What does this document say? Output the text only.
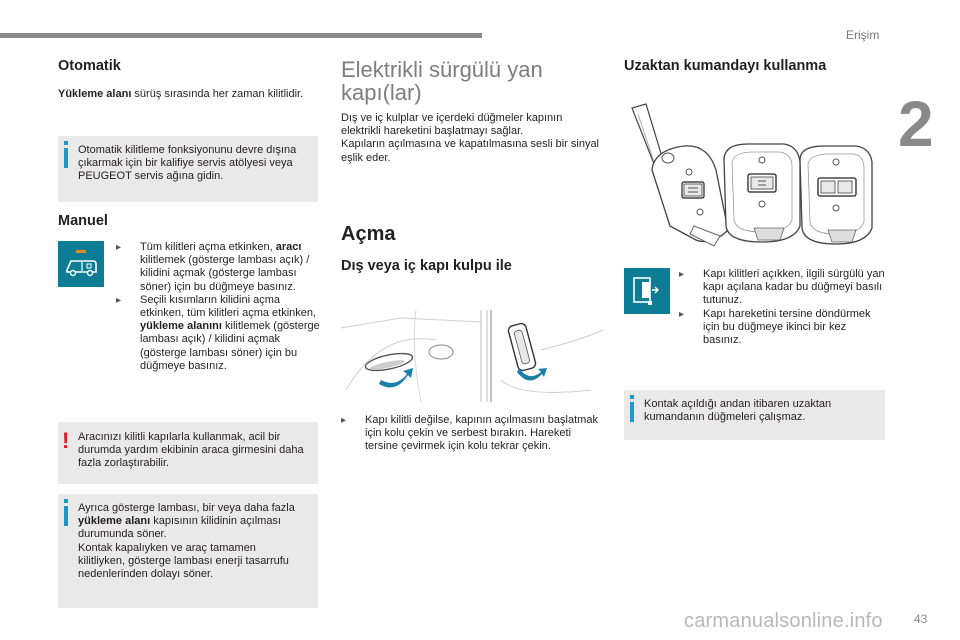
Erişim
2
Otomatik
Yükleme alanı sürüş sırasında her zaman kilitlidir.
Otomatik kilitleme fonksiyonunu devre dışına çıkarmak için bir kalifiye servis atölyesi veya PEUGEOT servis ağına gidin.
Manuel
▸ Tüm kilitleri açma etkinken, aracı kilitlemek (gösterge lambası açık) / kilidini açmak (gösterge lambası söner) için bu düğmeye basınız.
▸ Seçili kısımların kilidini açma etkinken, tüm kilitleri açma etkinken, yükleme alanını kilitlemek (gösterge lambası açık) / kilidini açmak (gösterge lambası söner) için bu düğmeye basınız.
! Aracınızı kilitli kapılarla kullanmak, acil bir durumda yardım ekibinin araca girmesini daha fazla zorlaştırabilir.
Ayrıca gösterge lambası, bir veya daha fazla yükleme alanı kapısının kilidinin açılması durumunda söner.
Kontak kapalıyken ve araç tamamen kilitliyken, gösterge lambası enerji tasarrufu nedenlerinden dolayı söner.
Elektrikli sürgülü yan kapı(lar)
Dış ve iç kulplar ve içerdeki düğmeler kapının elektrikli hareketini başlatmayı sağlar.
Kapıların açılmasına ve kapatılmasına sesli bir sinyal eşlik eder.
Açma
Dış veya iç kapı kulpu ile
▸ Kapı kilitli değilse, kapının açılmasını başlatmak için kolu çekin ve serbest bırakın. Hareketi tersine çevirmek için kolu tekrar çekin.
Uzaktan kumandayı kullanma
▸ Kapı kilitleri açıkken, ilgili sürgülü yan kapı açılana kadar bu düğmeyi basılı tutunuz.
▸ Kapı hareketini tersine döndürmek için bu düğmeye ikinci bir kez basınız.
Kontak açıldığı andan itibaren uzaktan kumandanın düğmeleri çalışmaz.
carmanualsonline.info	43
